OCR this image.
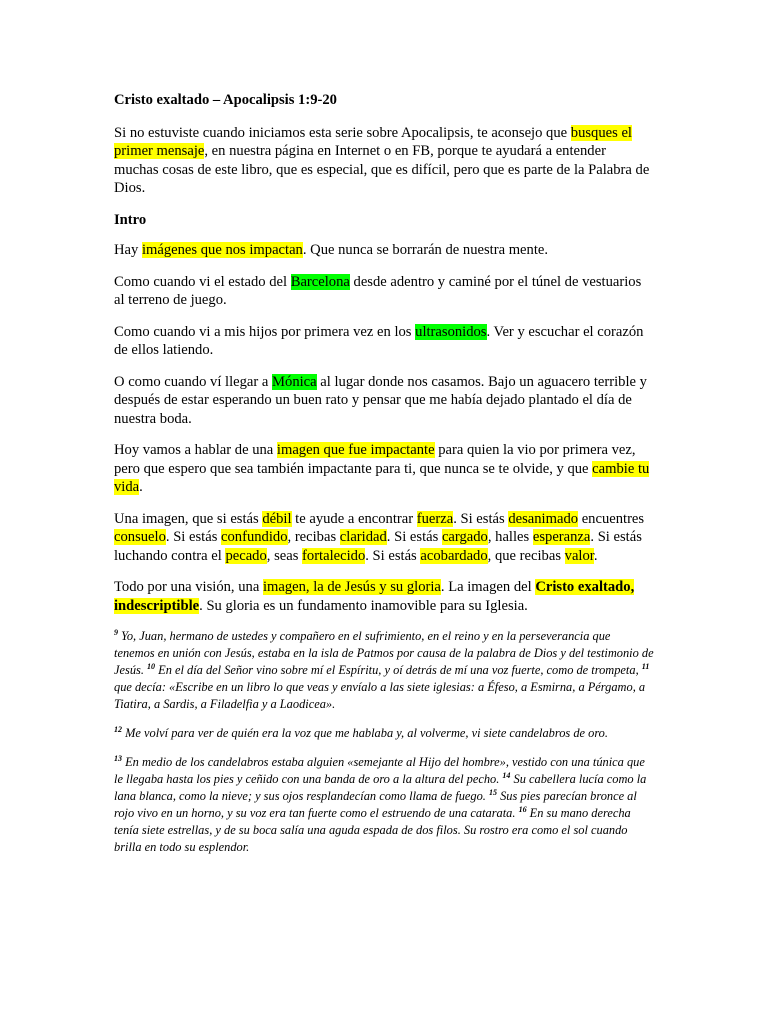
Cristo exaltado – Apocalipsis 1:9-20

Si no estuviste cuando iniciamos esta serie sobre Apocalipsis, te aconsejo que busques el primer mensaje, en nuestra página en Internet o en FB, porque te ayudará a entender muchas cosas de este libro, que es especial, que es difícil, pero que es parte de la Palabra de Dios.

Intro

Hay imágenes que nos impactan. Que nunca se borrarán de nuestra mente.

Como cuando vi el estado del Barcelona desde adentro y caminé por el túnel de vestuarios al terreno de juego.

Como cuando vi a mis hijos por primera vez en los ultrasonidos. Ver y escuchar el corazón de ellos latiendo.

O como cuando ví llegar a Mónica al lugar donde nos casamos. Bajo un aguacero terrible y después de estar esperando un buen rato y pensar que me había dejado plantado el día de nuestra boda.

Hoy vamos a hablar de una imagen que fue impactante para quien la vio por primera vez, pero que espero que sea también impactante para ti, que nunca se te olvide, y que cambie tu vida.

Una imagen, que si estás débil te ayude a encontrar fuerza. Si estás desanimado encuentres consuelo. Si estás confundido, recibas claridad. Si estás cargado, halles esperanza. Si estás luchando contra el pecado, seas fortalecido. Si estás acobardado, que recibas valor.

Todo por una visión, una imagen, la de Jesús y su gloria. La imagen del Cristo exaltado, indescriptible. Su gloria es un fundamento inamovible para su Iglesia.

$^9$ Yo, Juan, hermano de ustedes y compañero en el sufrimiento, en el reino y en la perseverancia que tenemos en unión con Jesús, estaba en la isla de Patmos por causa de la palabra de Dios y del testimonio de Jesús. $^{10}$ En el día del Señor vino sobre mí el Espíritu, y oí detrás de mí una voz fuerte, como de trompeta, $^{11}$ que decía: «Escribe en un libro lo que veas y envíalo a las siete iglesias: a Éfeso, a Esmirna, a Pérgamo, a Tiatira, a Sardis, a Filadelfia y a Laodicea».

$^{12}$ Me volví para ver de quién era la voz que me hablaba y, al volverme, vi siete candelabros de oro.

$^{13}$ En medio de los candelabros estaba alguien «semejante al Hijo del hombre», vestido con una túnica que le llegaba hasta los pies y ceñido con una banda de oro a la altura del pecho. $^{14}$ Su cabellera lucía como la lana blanca, como la nieve; y sus ojos resplandecían como llama de fuego. $^{15}$ Sus pies parecían bronce al rojo vivo en un horno, y su voz era tan fuerte como el estruendo de una catarata. $^{16}$ En su mano derecha tenía siete estrellas, y de su boca salía una aguda espada de dos filos. Su rostro era como el sol cuando brilla en todo su esplendor.
